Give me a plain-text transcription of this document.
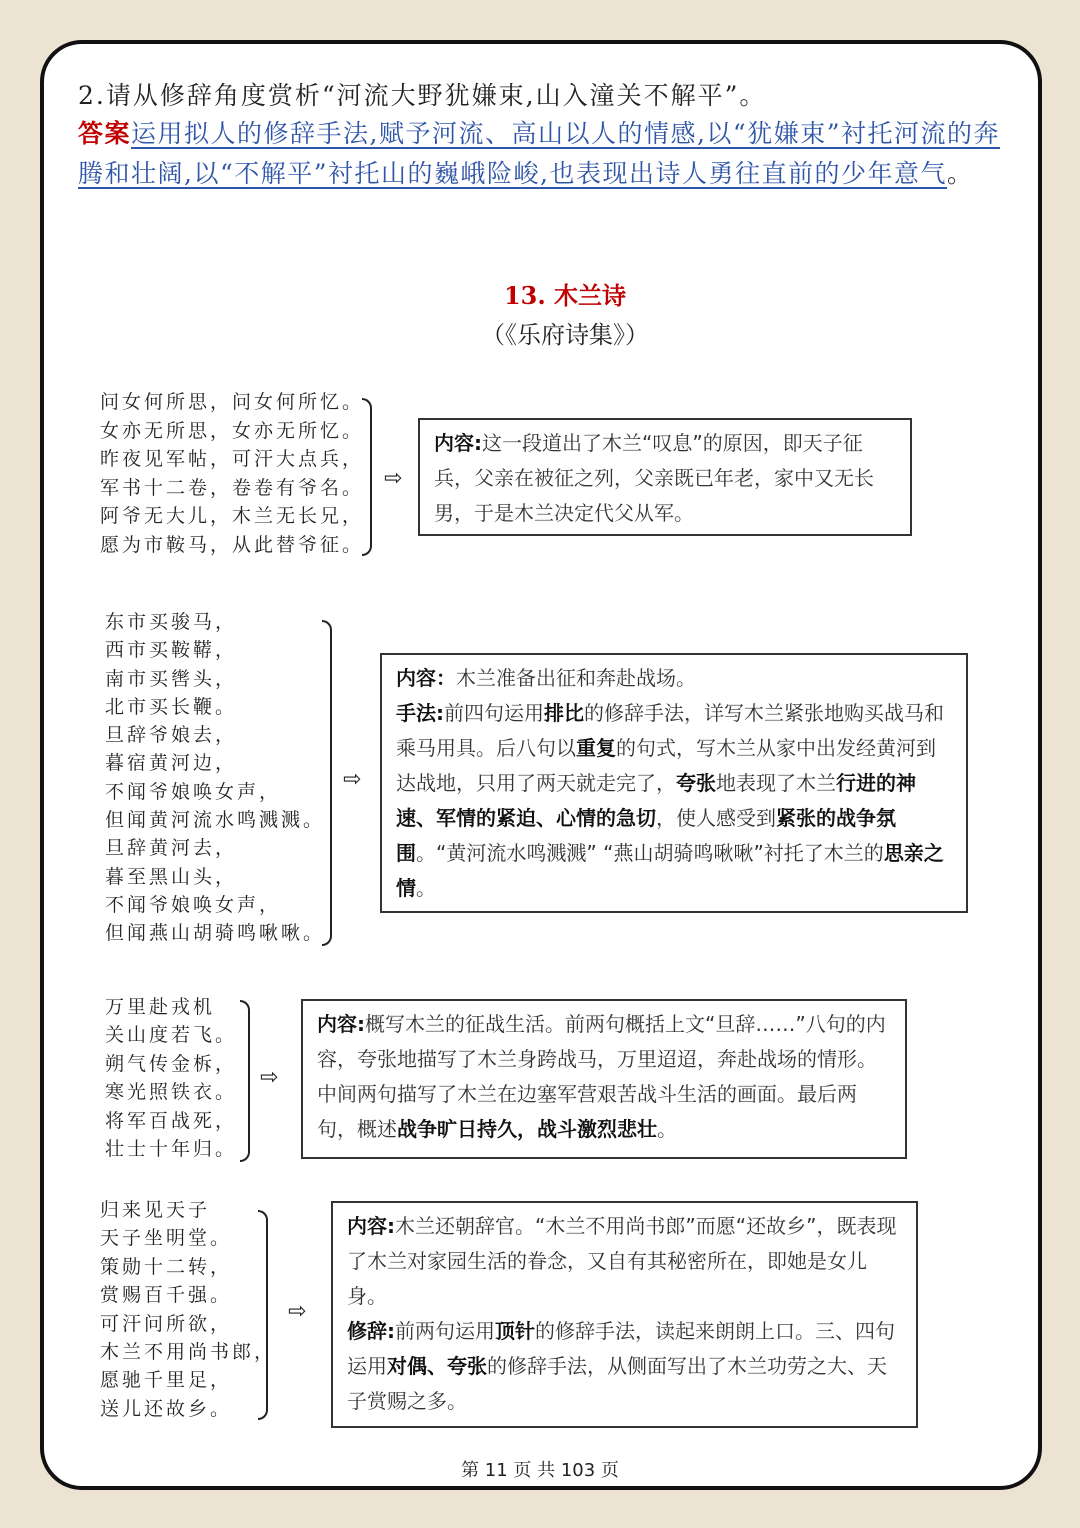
2.请从修辞角度赏析“河流大野犹嫌束,山入潼关不解平”。
答案运用拟人的修辞手法,赋予河流、高山以人的情感,以“犹嫌束”衬托河流的奔腾和壮阔,以“不解平”衬托山的巍峨险峻,也表现出诗人勇往直前的少年意气。
13. 木兰诗
（《乐府诗集》）
问女何所思，问女何所忆。
女亦无所思，女亦无所忆。
昨夜见军帖，可汗大点兵，
军书十二卷，卷卷有爷名。
阿爷无大儿，木兰无长兄，
愿为市鞍马，从此替爷征。
⇨
内容:这一段道出了木兰“叹息”的原因，即天子征兵，父亲在被征之列，父亲既已年老，家中又无长男，于是木兰决定代父从军。
东市买骏马，
西市买鞍鞯，
南市买辔头，
北市买长鞭。
旦辞爷娘去，
暮宿黄河边，
不闻爷娘唤女声，
但闻黄河流水鸣溅溅。
旦辞黄河去，
暮至黑山头，
不闻爷娘唤女声，
但闻燕山胡骑鸣啾啾。
⇨
内容：木兰准备出征和奔赴战场。
手法:前四句运用排比的修辞手法，详写木兰紧张地购买战马和乘马用具。后八句以重复的句式，写木兰从家中出发经黄河到达战地，只用了两天就走完了，夸张地表现了木兰行进的神速、军情的紧迫、心情的急切，使人感受到紧张的战争氛围。“黄河流水鸣溅溅” “燕山胡骑鸣啾啾”衬托了木兰的思亲之情。
万里赴戎机
关山度若飞。
朔气传金柝，
寒光照铁衣。
将军百战死，
壮士十年归。
⇨
内容:概写木兰的征战生活。前两句概括上文“旦辞……”八句的内容，夸张地描写了木兰身跨战马，万里迢迢，奔赴战场的情形。中间两句描写了木兰在边塞军营艰苦战斗生活的画面。最后两句，概述战争旷日持久，战斗激烈悲壮。
归来见天子
天子坐明堂。
策勋十二转，
赏赐百千强。
可汗问所欲，
木兰不用尚书郎，
愿驰千里足，
送儿还故乡。
⇨
内容:木兰还朝辞官。“木兰不用尚书郎”而愿“还故乡”，既表现了木兰对家园生活的眷念，又自有其秘密所在，即她是女儿身。
修辞:前两句运用顶针的修辞手法，读起来朗朗上口。三、四句运用对偶、夸张的修辞手法，从侧面写出了木兰功劳之大、天子赏赐之多。
第 11 页 共 103 页
